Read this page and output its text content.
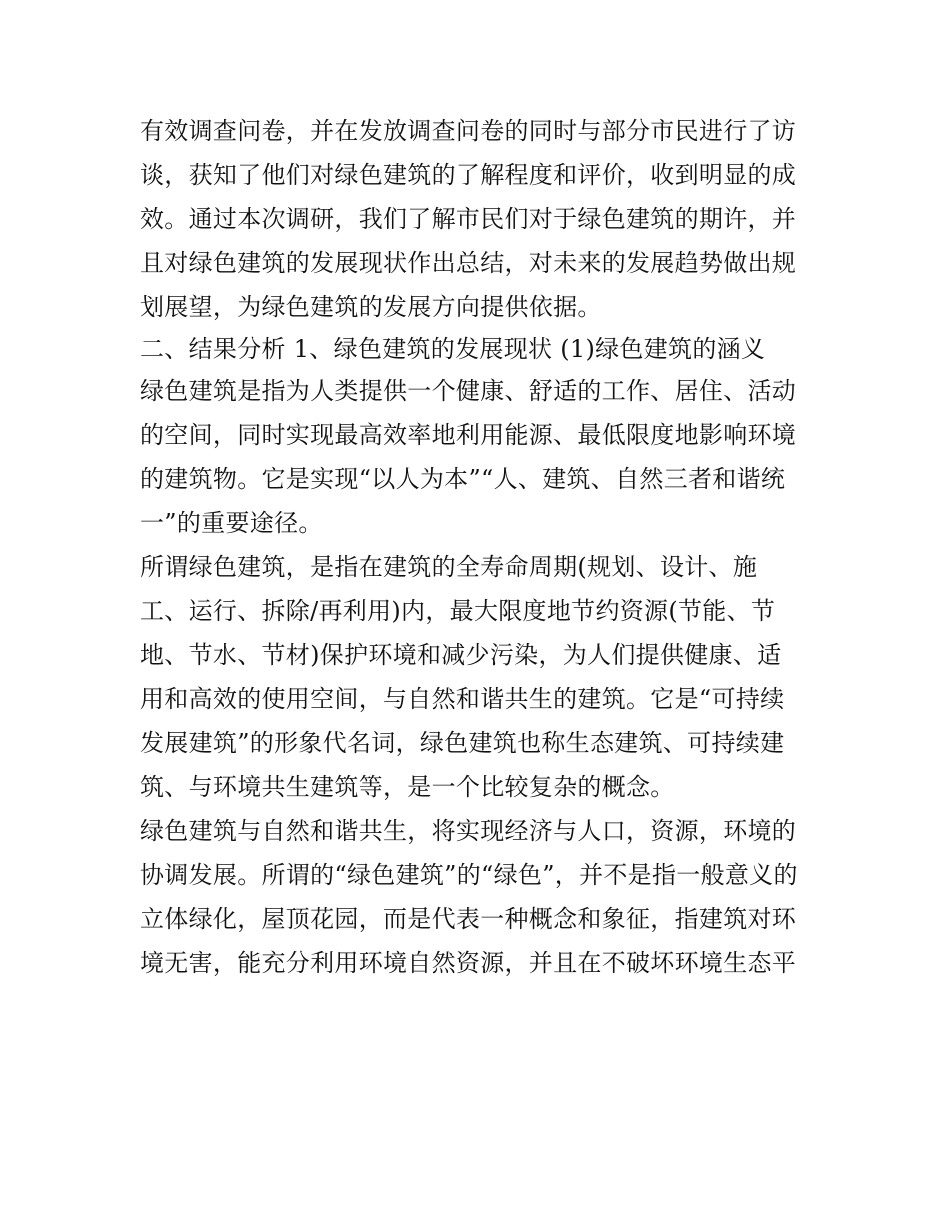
有效调查问卷，并在发放调查问卷的同时与部分市民进行了访
谈，获知了他们对绿色建筑的了解程度和评价，收到明显的成
效。通过本次调研，我们了解市民们对于绿色建筑的期许，并
且对绿色建筑的发展现状作出总结，对未来的发展趋势做出规
划展望，为绿色建筑的发展方向提供依据。
二、结果分析 1、绿色建筑的发展现状 (1)绿色建筑的涵义
绿色建筑是指为人类提供一个健康、舒适的工作、居住、活动
的空间，同时实现最高效率地利用能源、最低限度地影响环境
的建筑物。它是实现“以人为本”“人、建筑、自然三者和谐统
一”的重要途径。
所谓绿色建筑，是指在建筑的全寿命周期(规划、设计、施
工、运行、拆除/再利用)内，最大限度地节约资源(节能、节
地、节水、节材)保护环境和减少污染，为人们提供健康、适
用和高效的使用空间，与自然和谐共生的建筑。它是“可持续
发展建筑”的形象代名词，绿色建筑也称生态建筑、可持续建
筑、与环境共生建筑等，是一个比较复杂的概念。
绿色建筑与自然和谐共生，将实现经济与人口，资源，环境的
协调发展。所谓的“绿色建筑”的“绿色”，并不是指一般意义的
立体绿化，屋顶花园，而是代表一种概念和象征，指建筑对环
境无害，能充分利用环境自然资源，并且在不破坏环境生态平
